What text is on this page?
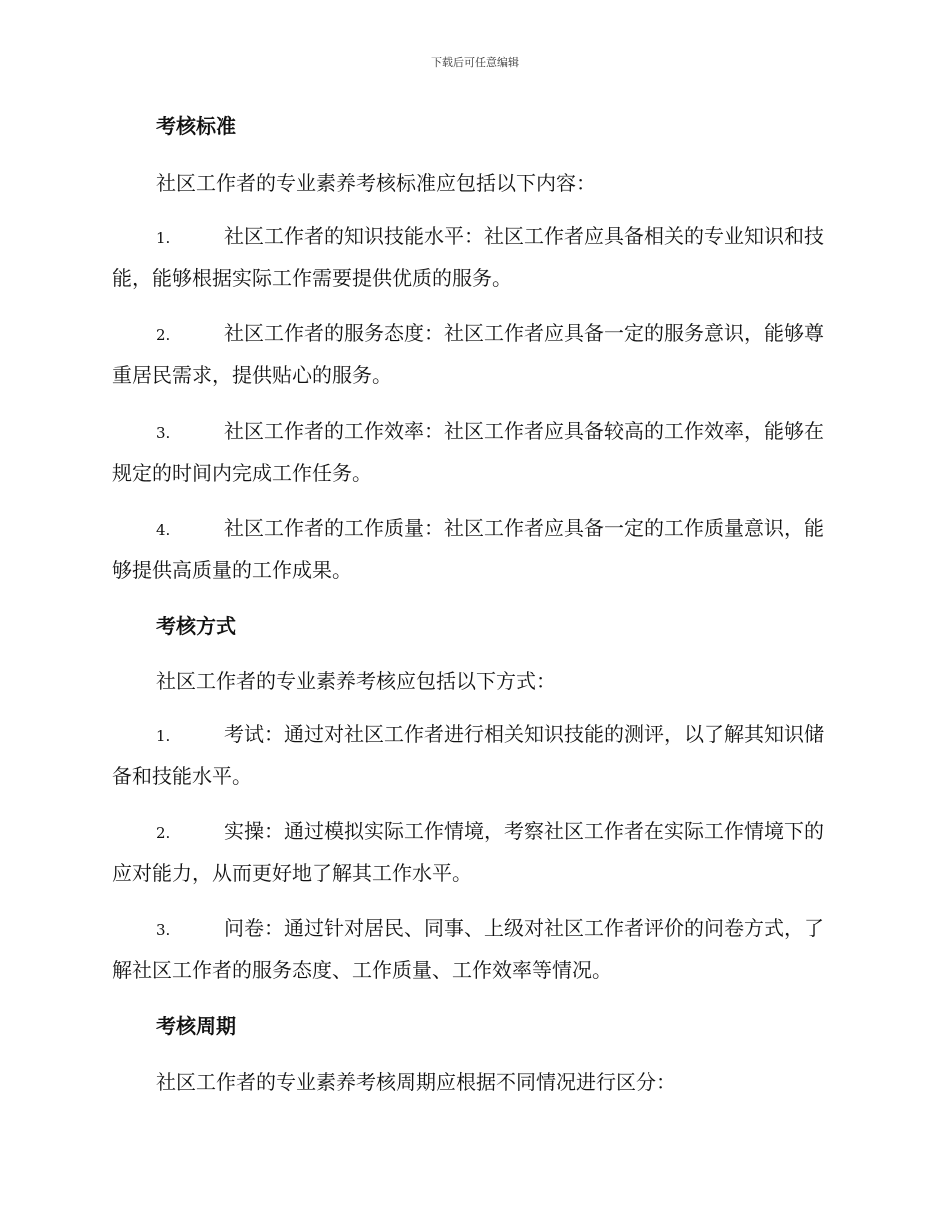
下载后可任意编辑
考核标准
社区工作者的专业素养考核标准应包括以下内容：
1.	社区工作者的知识技能水平：社区工作者应具备相关的专业知识和技能，能够根据实际工作需要提供优质的服务。
2.	社区工作者的服务态度：社区工作者应具备一定的服务意识，能够尊重居民需求，提供贴心的服务。
3.	社区工作者的工作效率：社区工作者应具备较高的工作效率，能够在规定的时间内完成工作任务。
4.	社区工作者的工作质量：社区工作者应具备一定的工作质量意识，能够提供高质量的工作成果。
考核方式
社区工作者的专业素养考核应包括以下方式：
1.	考试：通过对社区工作者进行相关知识技能的测评，以了解其知识储备和技能水平。
2.	实操：通过模拟实际工作情境，考察社区工作者在实际工作情境下的应对能力，从而更好地了解其工作水平。
3.	问卷：通过针对居民、同事、上级对社区工作者评价的问卷方式，了解社区工作者的服务态度、工作质量、工作效率等情况。
考核周期
社区工作者的专业素养考核周期应根据不同情况进行区分：
